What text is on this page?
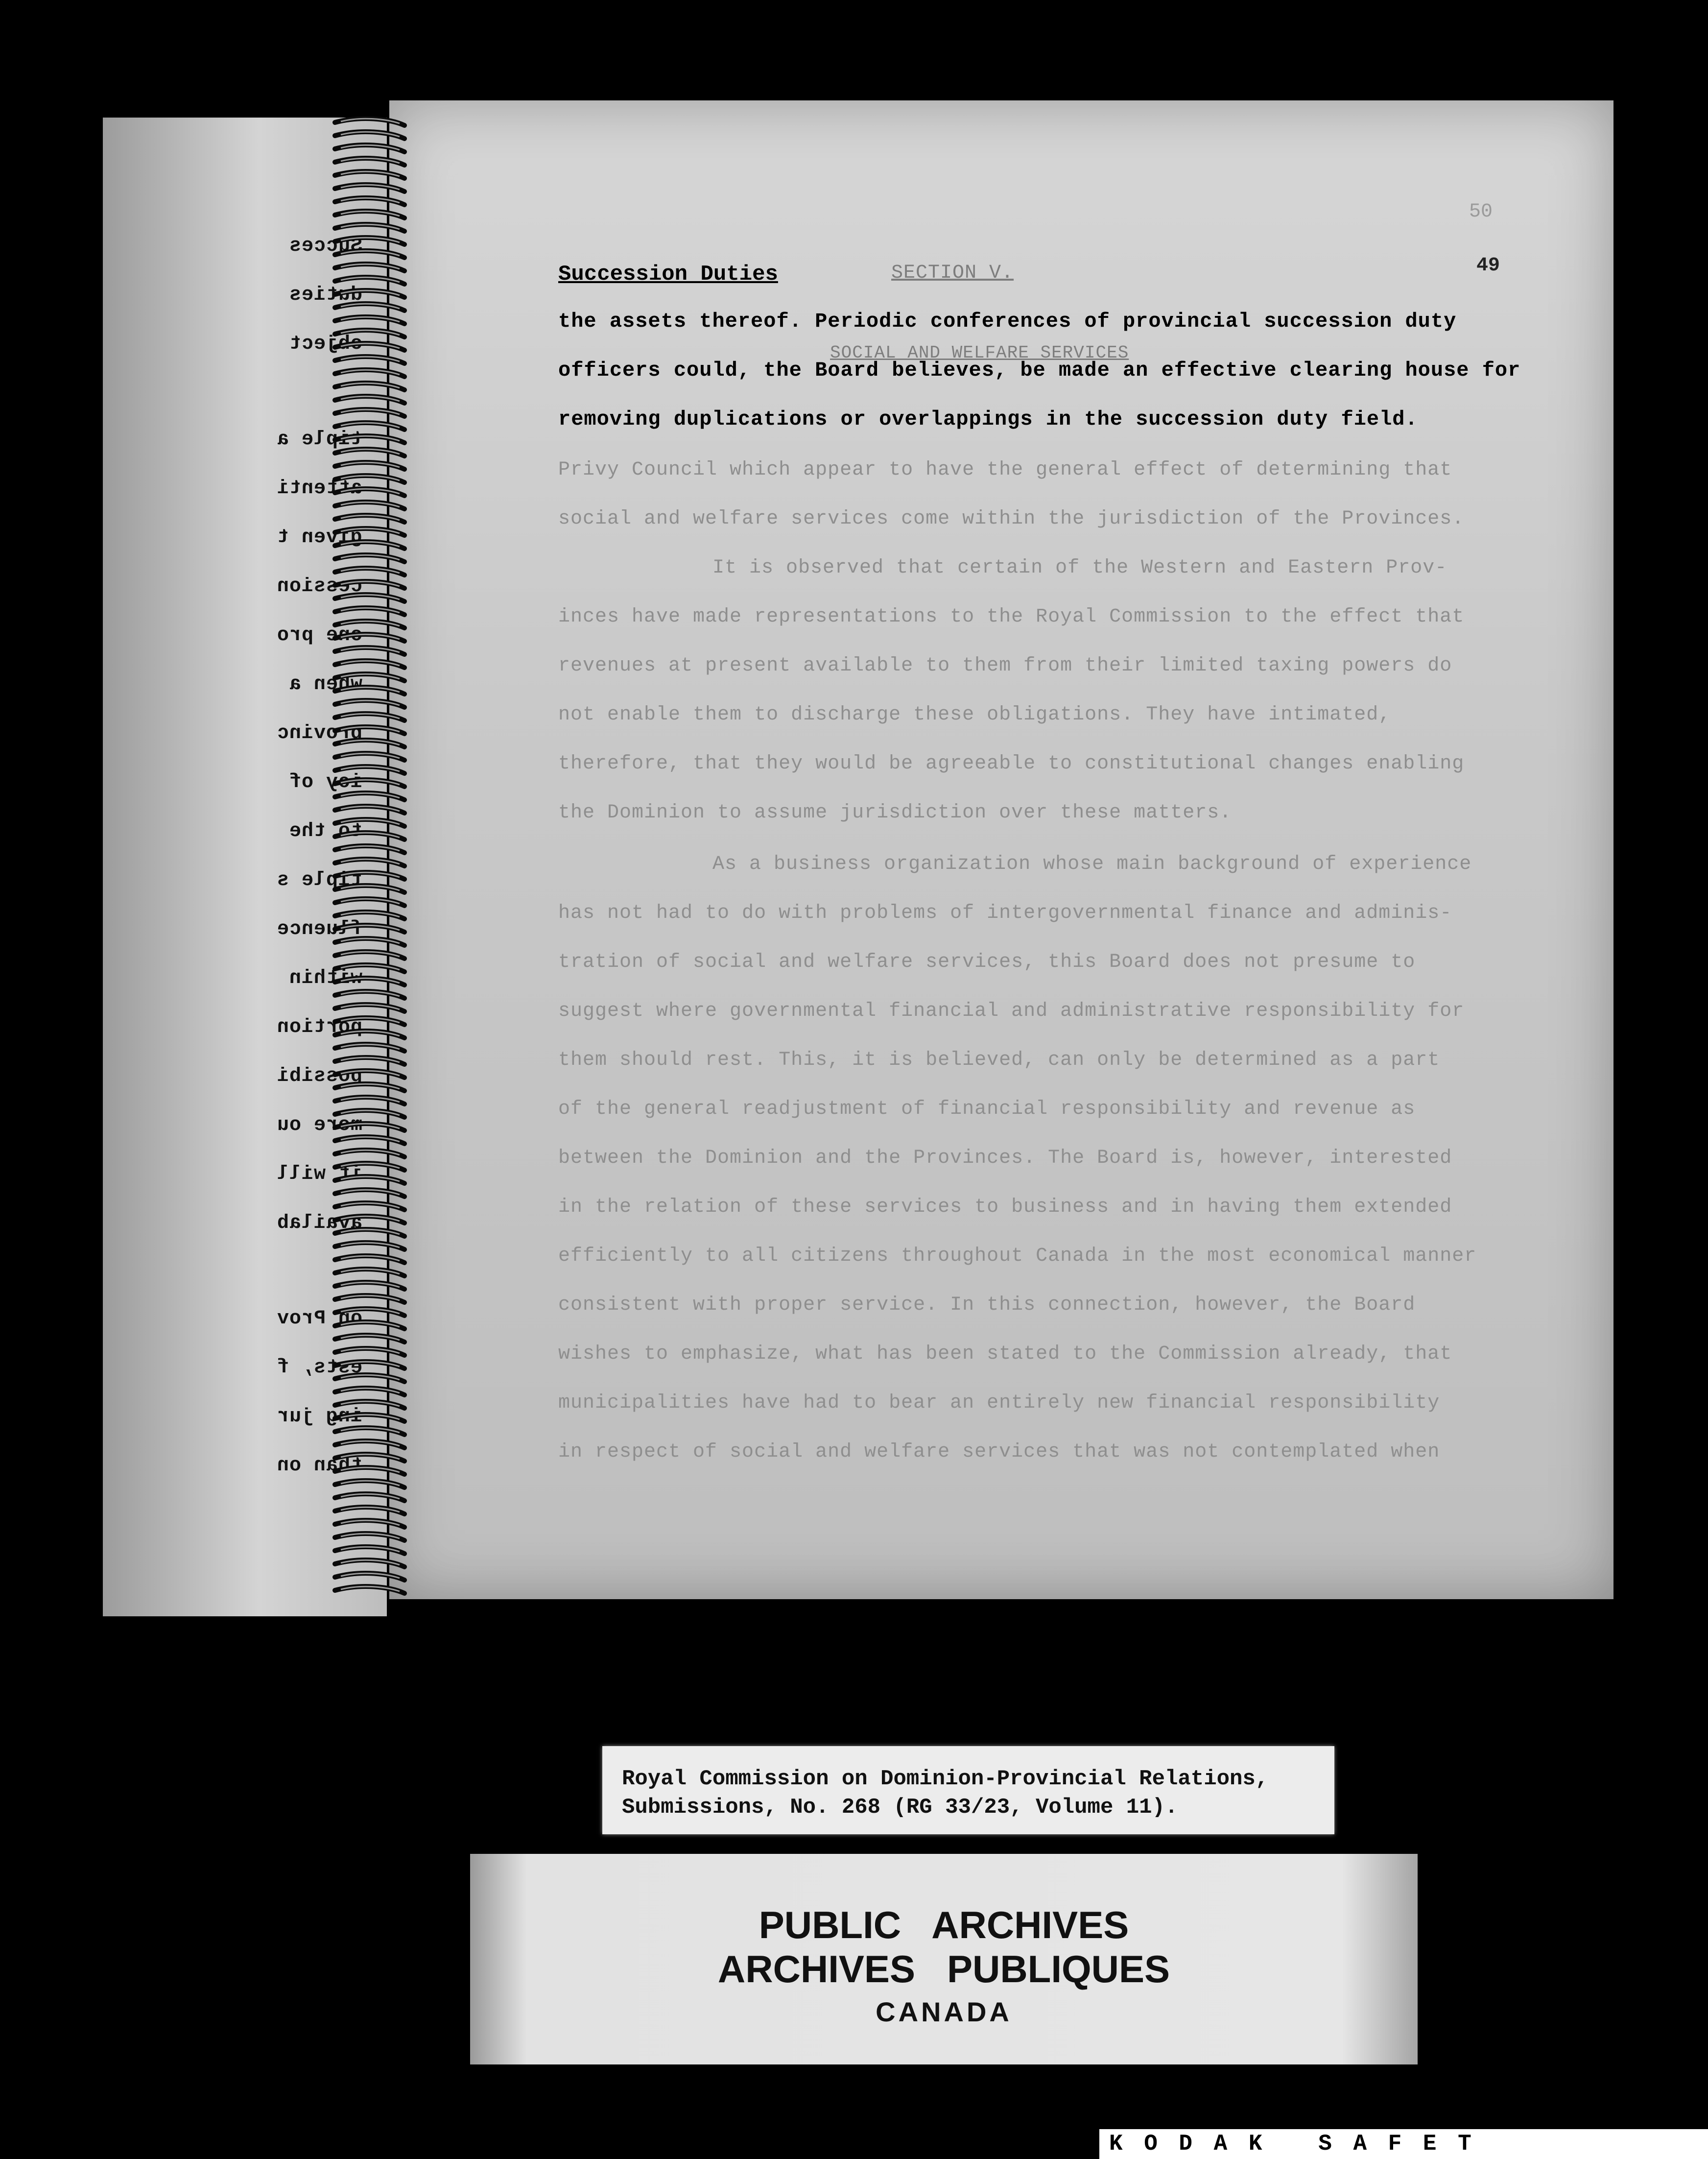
Succes
duties
object
tiple a
attenti
given t
cession
one pro
when a
provinc
icy of
to the
tiple s
fluence
within
portion
possibi
more ou
it will
availab
on Prov
ests, f
ing jur
than on
50
49
SECTION V.
SOCIAL AND WELFARE SERVICES
Succession Duties
the assets thereof. Periodic conferences of provincial succession duty
officers could, the Board believes, be made an effective clearing house for
removing duplications or overlappings in the succession duty field.
Privy Council which appear to have the general effect of determining that
social and welfare services come within the jurisdiction of the Provinces.
It is observed that certain of the Western and Eastern Prov-
inces have made representations to the Royal Commission to the effect that
revenues at present available to them from their limited taxing powers do
not enable them to discharge these obligations. They have intimated,
therefore, that they would be agreeable to constitutional changes enabling
the Dominion to assume jurisdiction over these matters.
As a business organization whose main background of experience
has not had to do with problems of intergovernmental finance and adminis-
tration of social and welfare services, this Board does not presume to
suggest where governmental financial and administrative responsibility for
them should rest. This, it is believed, can only be determined as a part
of the general readjustment of financial responsibility and revenue as
between the Dominion and the Provinces. The Board is, however, interested
in the relation of these services to business and in having them extended
efficiently to all citizens throughout Canada in the most economical manner
consistent with proper service. In this connection, however, the Board
wishes to emphasize, what has been stated to the Commission already, that
municipalities have had to bear an entirely new financial responsibility
in respect of social and welfare services that was not contemplated when
Royal Commission on Dominion-Provincial Relations,
Submissions, No. 268 (RG 33/23, Volume 11).
PUBLIC   ARCHIVES
ARCHIVES   PUBLIQUES
CANADA
K O D A K   S A F E T
